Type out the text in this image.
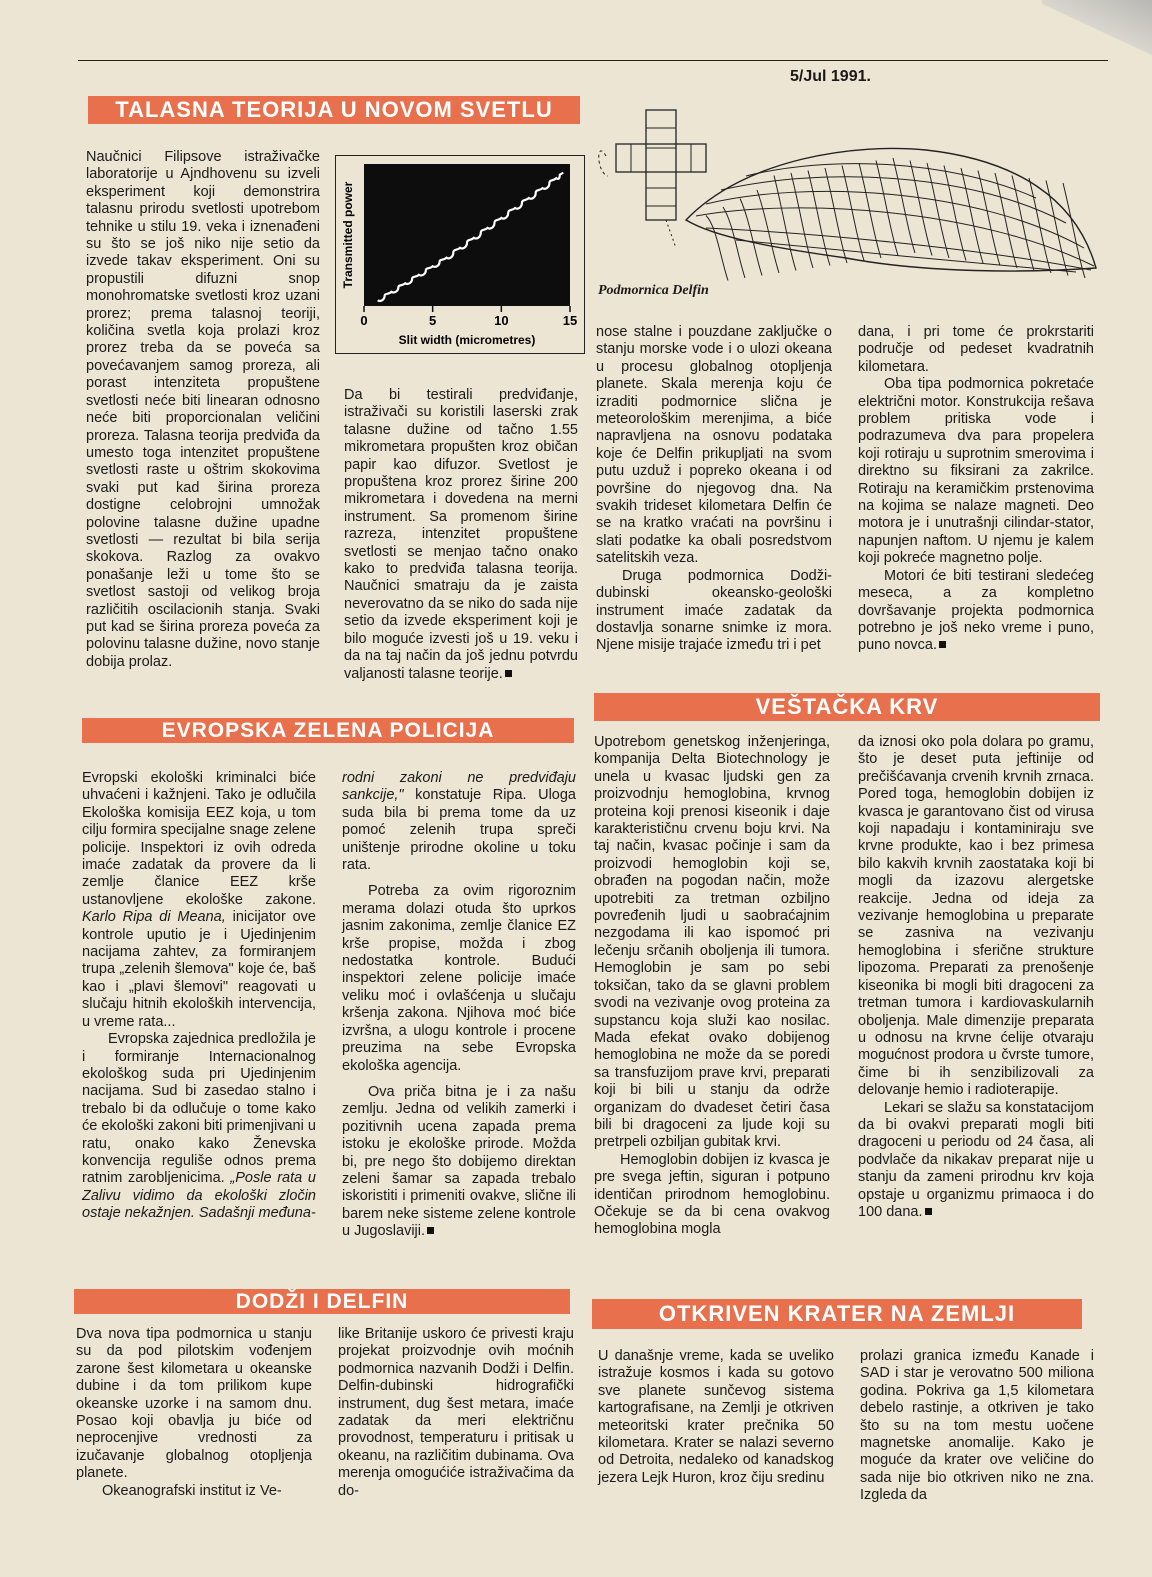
5/Jul 1991.
TALASNA TEORIJA U NOVOM SVETLU

Naučnici Filipsove istraživačke laboratorije u Ajndhovenu su izveli eksperiment koji demonstrira talasnu prirodu svetlosti upotrebom tehnike u stilu 19. veka i iznenađeni su što se još niko nije setio da izvede takav eksperiment. Oni su propustili difuzni snop monohromatske svetlosti kroz uzani prorez; prema talasnoj teoriji, količina svetla koja prolazi kroz prorez treba da se poveća sa povećavanjem samog proreza, ali porast intenziteta propuštene svetlosti neće biti linearan odnosno neće biti proporcionalan veličini proreza. Talasna teorija predviđa da umesto toga intenzitet propuštene svetlosti raste u oštrim skokovima svaki put kad širina proreza dostigne celobrojni umnožak polovine talasne dužine upadne svetlosti — rezultat bi bila serija skokova. Razlog za ovakvo ponašanje leži u tome što se svetlost sastoji od velikog broja različitih oscilacionih stanja. Svaki put kad se širina proreza poveća za polovinu talasne dužine, novo stanje dobija prolaz.

0	5	10	15
Slit width (micrometres)
Transmitted power

Da bi testirali predviđanje, istraživači su koristili laserski zrak talasne dužine od tačno 1.55 mikrometara propušten kroz običan papir kao difuzor. Svetlost je propuštena kroz prorez širine 200 mikrometara i dovedena na merni instrument. Sa promenom širine razreza, intenzitet propuštene svetlosti se menjao tačno onako kako to predviđa talasna teorija. Naučnici smatraju da je zaista neverovatno da se niko do sada nije setio da izvede eksperiment koji je bilo moguće izvesti još u 19. veku i da na taj način da još jednu potvrdu valjanosti talasne teorije.

Podmornica Delfin

nose stalne i pouzdane zaključke o stanju morske vode i o ulozi okeana u procesu globalnog otopljenja planete. Skala merenja koju će izraditi podmornice slična je meteorološkim merenjima, a biće napravljena na osnovu podataka koje će Delfin prikupljati na svom putu uzduž i popreko okeana i od površine do njegovog dna. Na svakih trideset kilometara Delfin će se na kratko vraćati na površinu i slati podatke ka obali posredstvom satelitskih veza.

Druga podmornica Dodži-dubinski okeansko-geološki instrument imaće zadatak da dostavlja sonarne snimke iz mora. Njene misije trajaće između tri i pet

dana, i pri tome će prokrstariti područje od pedeset kvadratnih kilometara.

Oba tipa podmornica pokretaće električni motor. Konstrukcija rešava problem pritiska vode i podrazumeva dva para propelera koji rotiraju u suprotnim smerovima i direktno su fiksirani za zakrilce. Rotiraju na keramičkim prstenovima na kojima se nalaze magneti. Deo motora je i unutrašnji cilindar-stator, napunjen naftom. U njemu je kalem koji pokreće magnetno polje.

Motori će biti testirani sledećeg meseca, a za kompletno dovršavanje projekta podmornica potrebno je još neko vreme i puno, puno novca.

EVROPSKA ZELENA POLICIJA

Evropski ekološki kriminalci biće uhvaćeni i kažnjeni. Tako je odlučila Ekološka komisija EEZ koja, u tom cilju formira specijalne snage zelene policije. Inspektori iz ovih odreda imaće zadatak da provere da li zemlje članice EEZ krše ustanovljene ekološke zakone. Karlo Ripa di Meana, inicijator ove kontrole uputio je i Ujedinjenim nacijama zahtev, za formiranjem trupa „zelenih šlemova" koje će, baš kao i „plavi šlemovi" reagovati u slučaju hitnih ekoloških intervencija, u vreme rata...

Evropska zajednica predložila je i formiranje Internacionalnog ekološkog suda pri Ujedinjenim nacijama. Sud bi zasedao stalno i trebalo bi da odlučuje o tome kako će ekološki zakoni biti primenjivani u ratu, onako kako Ženevska konvencija reguliše odnos prema ratnim zarobljenicima. „Posle rata u Zalivu vidimo da ekološki zločin ostaje nekažnjen. Sadašnji međuna-

rodni zakoni ne predviđaju sankcije," konstatuje Ripa. Uloga suda bila bi prema tome da uz pomoć zelenih trupa spreči uništenje prirodne okoline u toku rata.

Potreba za ovim rigoroznim merama dolazi otuda što uprkos jasnim zakonima, zemlje članice EZ krše propise, možda i zbog nedostatka kontrole. Budući inspektori zelene policije imaće veliku moć i ovlašćenja u slučaju kršenja zakona. Njihova moć biće izvršna, a ulogu kontrole i procene preuzima na sebe Evropska ekološka agencija.

Ova priča bitna je i za našu zemlju. Jedna od velikih zamerki i pozitivnih ucena zapada prema istoku je ekološke prirode. Možda bi, pre nego što dobijemo direktan zeleni šamar sa zapada trebalo iskoristiti i primeniti ovakve, slične ili barem neke sisteme zelene kontrole u Jugoslaviji.

VEŠTAČKA KRV

Upotrebom genetskog inženjeringa, kompanija Delta Biotechnology je unela u kvasac ljudski gen za proizvodnju hemoglobina, krvnog proteina koji prenosi kiseonik i daje karakterističnu crvenu boju krvi. Na taj način, kvasac počinje i sam da proizvodi hemoglobin koji se, obrađen na pogodan način, može upotrebiti za tretman ozbiljno povređenih ljudi u saobraćajnim nezgodama ili kao ispomoć pri lečenju srčanih oboljenja ili tumora. Hemoglobin je sam po sebi toksičan, tako da se glavni problem svodi na vezivanje ovog proteina za supstancu koja služi kao nosilac. Mada efekat ovako dobijenog hemoglobina ne može da se poredi sa transfuzijom prave krvi, preparati koji bi bili u stanju da održe organizam do dvadeset četiri časa bili bi dragoceni za ljude koji su pretrpeli ozbiljan gubitak krvi.

Hemoglobin dobijen iz kvasca je pre svega jeftin, siguran i potpuno identičan prirodnom hemoglobinu. Očekuje se da bi cena ovakvog hemoglobina mogla

da iznosi oko pola dolara po gramu, što je deset puta jeftinije od prečišćavanja crvenih krvnih zrnaca. Pored toga, hemoglobin dobijen iz kvasca je garantovano čist od virusa koji napadaju i kontaminiraju sve krvne produkte, kao i bez primesa bilo kakvih krvnih zaostataka koji bi mogli da izazovu alergetske reakcije. Jedna od ideja za vezivanje hemoglobina u preparate se zasniva na vezivanju hemoglobina i sferične strukture lipozoma. Preparati za prenošenje kiseonika bi mogli biti dragoceni za tretman tumora i kardiovaskularnih oboljenja. Male dimenzije preparata u odnosu na krvne ćelije otvaraju mogućnost prodora u čvrste tumore, čime bi ih senzibilizovali za delovanje hemio i radioterapije.

Lekari se slažu sa konstatacijom da bi ovakvi preparati mogli biti dragoceni u periodu od 24 časa, ali podvlače da nikakav preparat nije u stanju da zameni prirodnu krv koja opstaje u organizmu primaoca i do 100 dana.

DODŽI I DELFIN

Dva nova tipa podmornica u stanju su da pod pilotskim vođenjem zarone šest kilometara u okeanske dubine i da tom prilikom kupe okeanske uzorke i na samom dnu. Posao koji obavlja ju biće od neprocenjive vrednosti za izučavanje globalnog otopljenja planete.

Okeanografski institut iz Ve-

like Britanije uskoro će privesti kraju projekat proizvodnje ovih moćnih podmornica nazvanih Dodži i Delfin. Delfin-dubinski hidrografički instrument, dug šest metara, imaće zadatak da meri električnu provodnost, temperaturu i pritisak u okeanu, na različitim dubinama. Ova merenja omogućiće istraživačima da do-

OTKRIVEN KRATER NA ZEMLJI

U današnje vreme, kada se uveliko istražuje kosmos i kada su gotovo sve planete sunčevog sistema kartografisane, na Zemlji je otkriven meteoritski krater prečnika 50 kilometara. Krater se nalazi severno od Detroita, nedaleko od kanadskog jezera Lejk Huron, kroz čiju sredinu

prolazi granica između Kanade i SAD i star je verovatno 500 miliona godina. Pokriva ga 1,5 kilometara debelo rastinje, a otkriven je tako što su na tom mestu uočene magnetske anomalije. Kako je moguće da krater ove veličine do sada nije bio otkriven niko ne zna. Izgleda da
